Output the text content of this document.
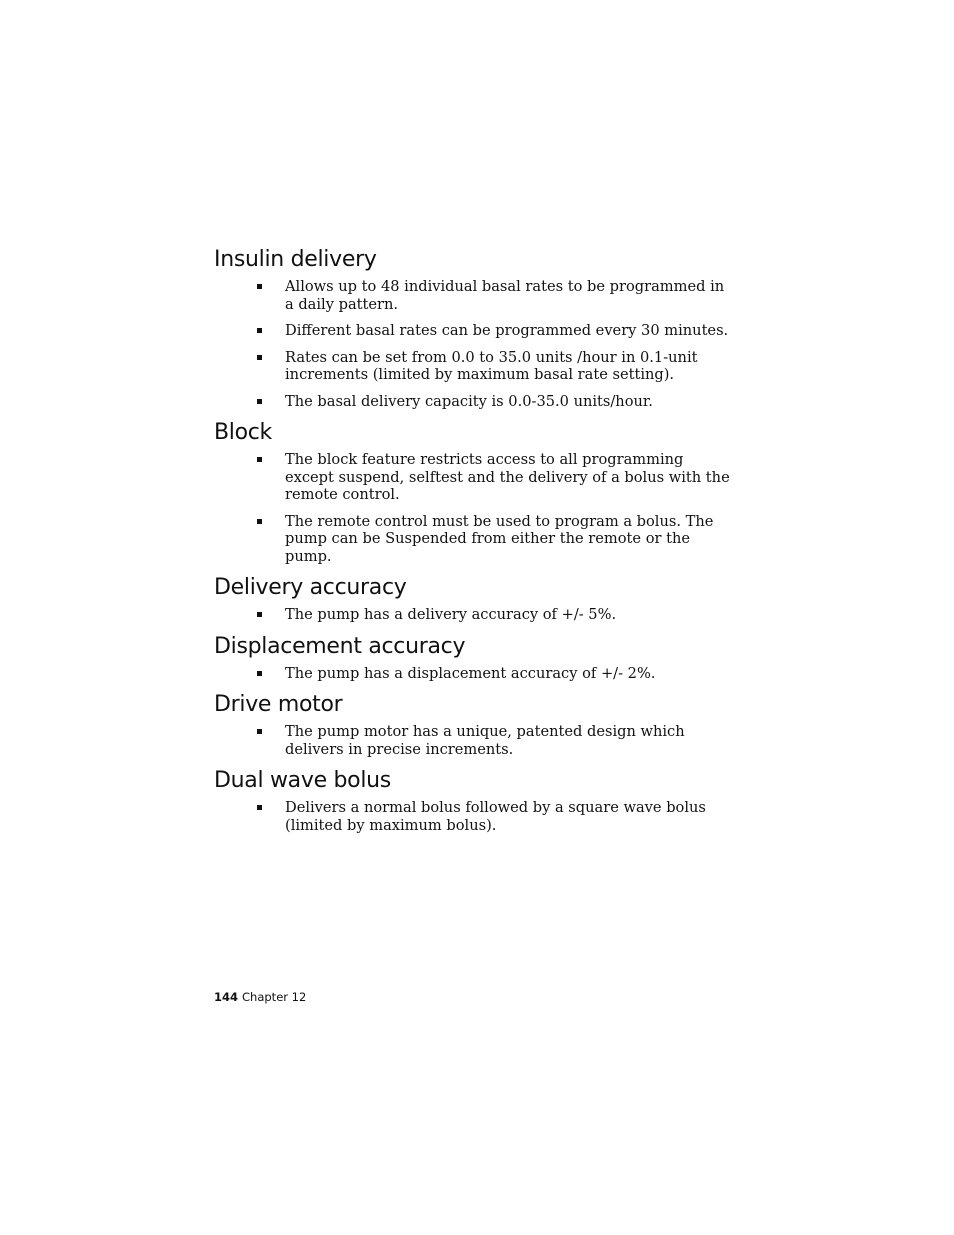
Insulin delivery
Allows up to 48 individual basal rates to be programmed in a daily pattern.
Different basal rates can be programmed every 30 minutes.
Rates can be set from 0.0 to 35.0 units /hour in 0.1-unit increments (limited by maximum basal rate setting).
The basal delivery capacity is 0.0-35.0 units/hour.
Block
The block feature restricts access to all programming except suspend, selftest and the delivery of a bolus with the remote control.
The remote control must be used to program a bolus. The pump can be Suspended from either the remote or the pump.
Delivery accuracy
The pump has a delivery accuracy of +/- 5%.
Displacement accuracy
The pump has a displacement accuracy of +/- 2%.
Drive motor
The pump motor has a unique, patented design which delivers in precise increments.
Dual wave bolus
Delivers a normal bolus followed by a square wave bolus (limited by maximum bolus).
144 Chapter 12
